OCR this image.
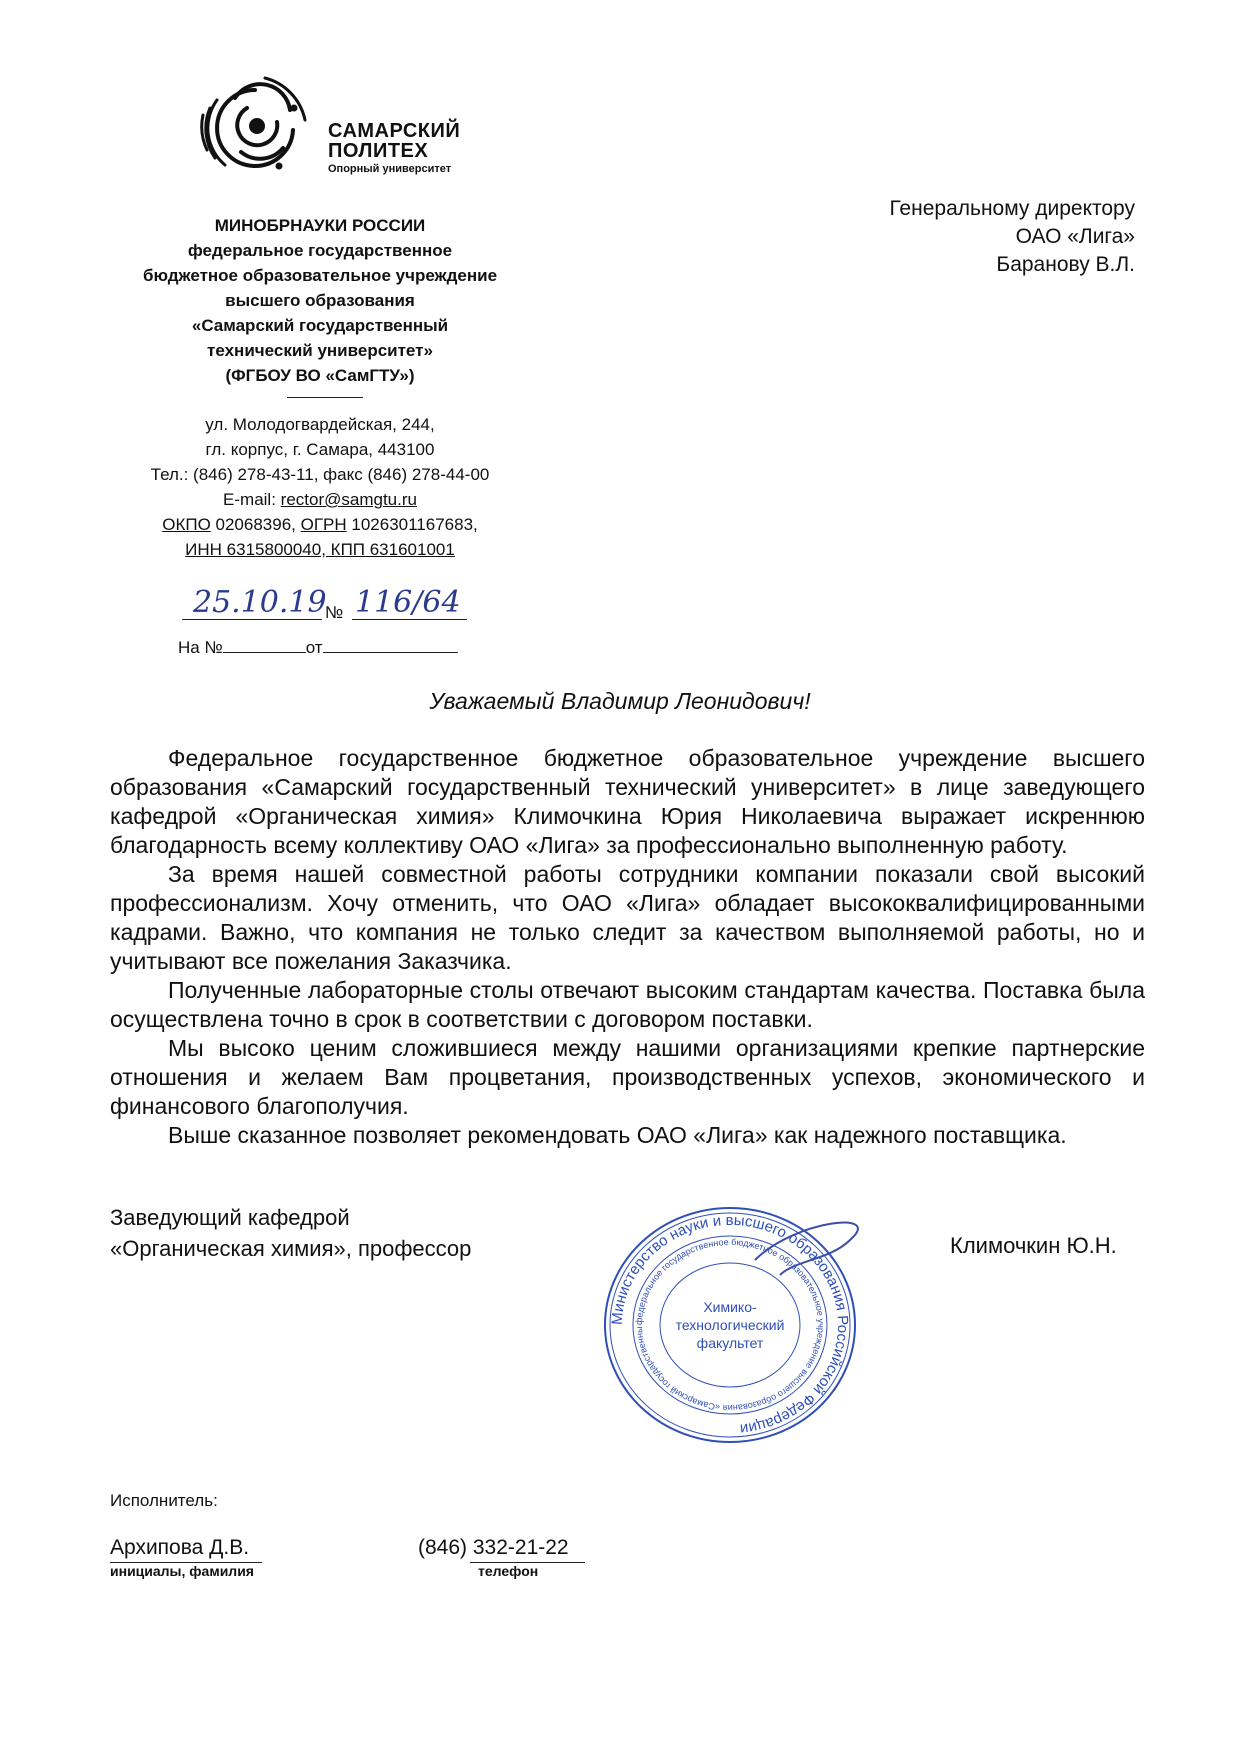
САМАРСКИЙ
ПОЛИТЕХ
Опорный университет
МИНОБРНАУКИ РОССИИ
федеральное государственное
бюджетное образовательное учреждение
высшего образования
«Самарский государственный
технический университет»
(ФГБОУ ВО «СамГТУ»)
ул. Молодогвардейская, 244,
гл. корпус, г. Самара, 443100
Тел.: (846) 278-43-11, факс (846) 278-44-00
E-mail: rector@samgtu.ru
ОКПО 02068396, ОГРН 1026301167683,
ИНН 6315800040, КПП 631601001
25.10.19
№ 116/64
На №	от
Генеральному директору
ОАО «Лига»
Баранову В.Л.
Уважаемый Владимир Леонидович!

Федеральное государственное бюджетное образовательное учреждение высшего образования «Самарский государственный технический университет» в лице заведующего кафедрой «Органическая химия» Климочкина Юрия Николаевича выражает искреннюю благодарность всему коллективу ОАО «Лига» за профессионально выполненную работу.

За время нашей совместной работы сотрудники компании показали свой высокий профессионализм. Хочу отменить, что ОАО «Лига» обладает высококвалифицированными кадрами. Важно, что компания не только следит за качеством выполняемой работы, но и учитывают все пожелания Заказчика.

Полученные лабораторные столы отвечают высоким стандартам качества. Поставка была осуществлена точно в срок в соответствии с договором поставки.

Мы высоко ценим сложившиеся между нашими организациями крепкие партнерские отношения и желаем Вам процветания, производственных успехов, экономического и финансового благополучия.

Выше сказанное позволяет рекомендовать ОАО «Лига» как надежного поставщика.

Заведующий кафедрой
«Органическая химия», профессор	Климочкин Ю.Н.
Министерство науки и высшего образования Российской Федерации
федеральное государственное бюджетное образовательное учреждение высшего образования «Самарский государственны
Химико-
технологический
факультет
Исполнитель:
Архипова Д.В.
инициалы, фамилия
(846) 332-21-22
телефон
